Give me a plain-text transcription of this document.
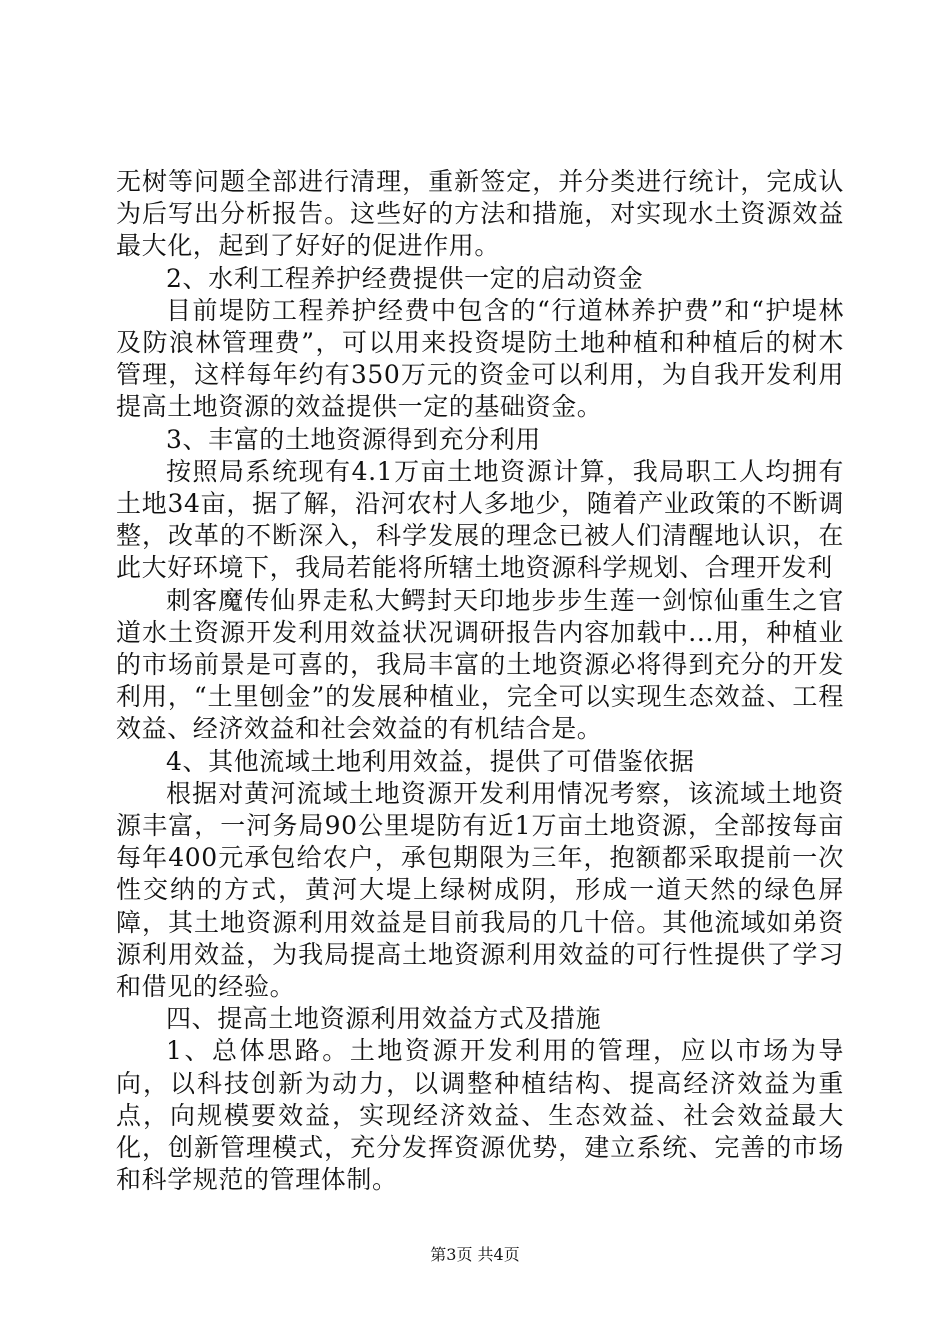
无树等问题全部进行清理，重新签定，并分类进行统计，完成认为后写出分析报告。这些好的方法和措施，对实现水土资源效益最大化，起到了好好的促进作用。

2、水利工程养护经费提供一定的启动资金

目前堤防工程养护经费中包含的“行道林养护费”和“护堤林及防浪林管理费”，可以用来投资堤防土地种植和种植后的树木管理，这样每年约有350万元的资金可以利用，为自我开发利用提高土地资源的效益提供一定的基础资金。

3、丰富的土地资源得到充分利用

按照局系统现有4.1万亩土地资源计算，我局职工人均拥有土地34亩，据了解，沿河农村人多地少，随着产业政策的不断调整，改革的不断深入，科学发展的理念已被人们清醒地认识，在此大好环境下，我局若能将所辖土地资源科学规划、合理开发利

刺客魔传仙界走私大鳄封天印地步步生莲一剑惊仙重生之官道水土资源开发利用效益状况调研报告内容加载中...用，种植业的市场前景是可喜的，我局丰富的土地资源必将得到充分的开发利用，“土里刨金”的发展种植业，完全可以实现生态效益、工程效益、经济效益和社会效益的有机结合是。

4、其他流域土地利用效益，提供了可借鉴依据

根据对黄河流域土地资源开发利用情况考察，该流域土地资源丰富，一河务局90公里堤防有近1万亩土地资源，全部按每亩每年400元承包给农户，承包期限为三年，抱额都采取提前一次性交纳的方式，黄河大堤上绿树成阴，形成一道天然的绿色屏障，其土地资源利用效益是目前我局的几十倍。其他流域如弟资源利用效益，为我局提高土地资源利用效益的可行性提供了学习和借见的经验。

四、提高土地资源利用效益方式及措施

1、总体思路。土地资源开发利用的管理，应以市场为导向，以科技创新为动力，以调整种植结构、提高经济效益为重点，向规模要效益，实现经济效益、生态效益、社会效益最大化，创新管理模式，充分发挥资源优势，建立系统、完善的市场和科学规范的管理体制。

第3页 共4页
